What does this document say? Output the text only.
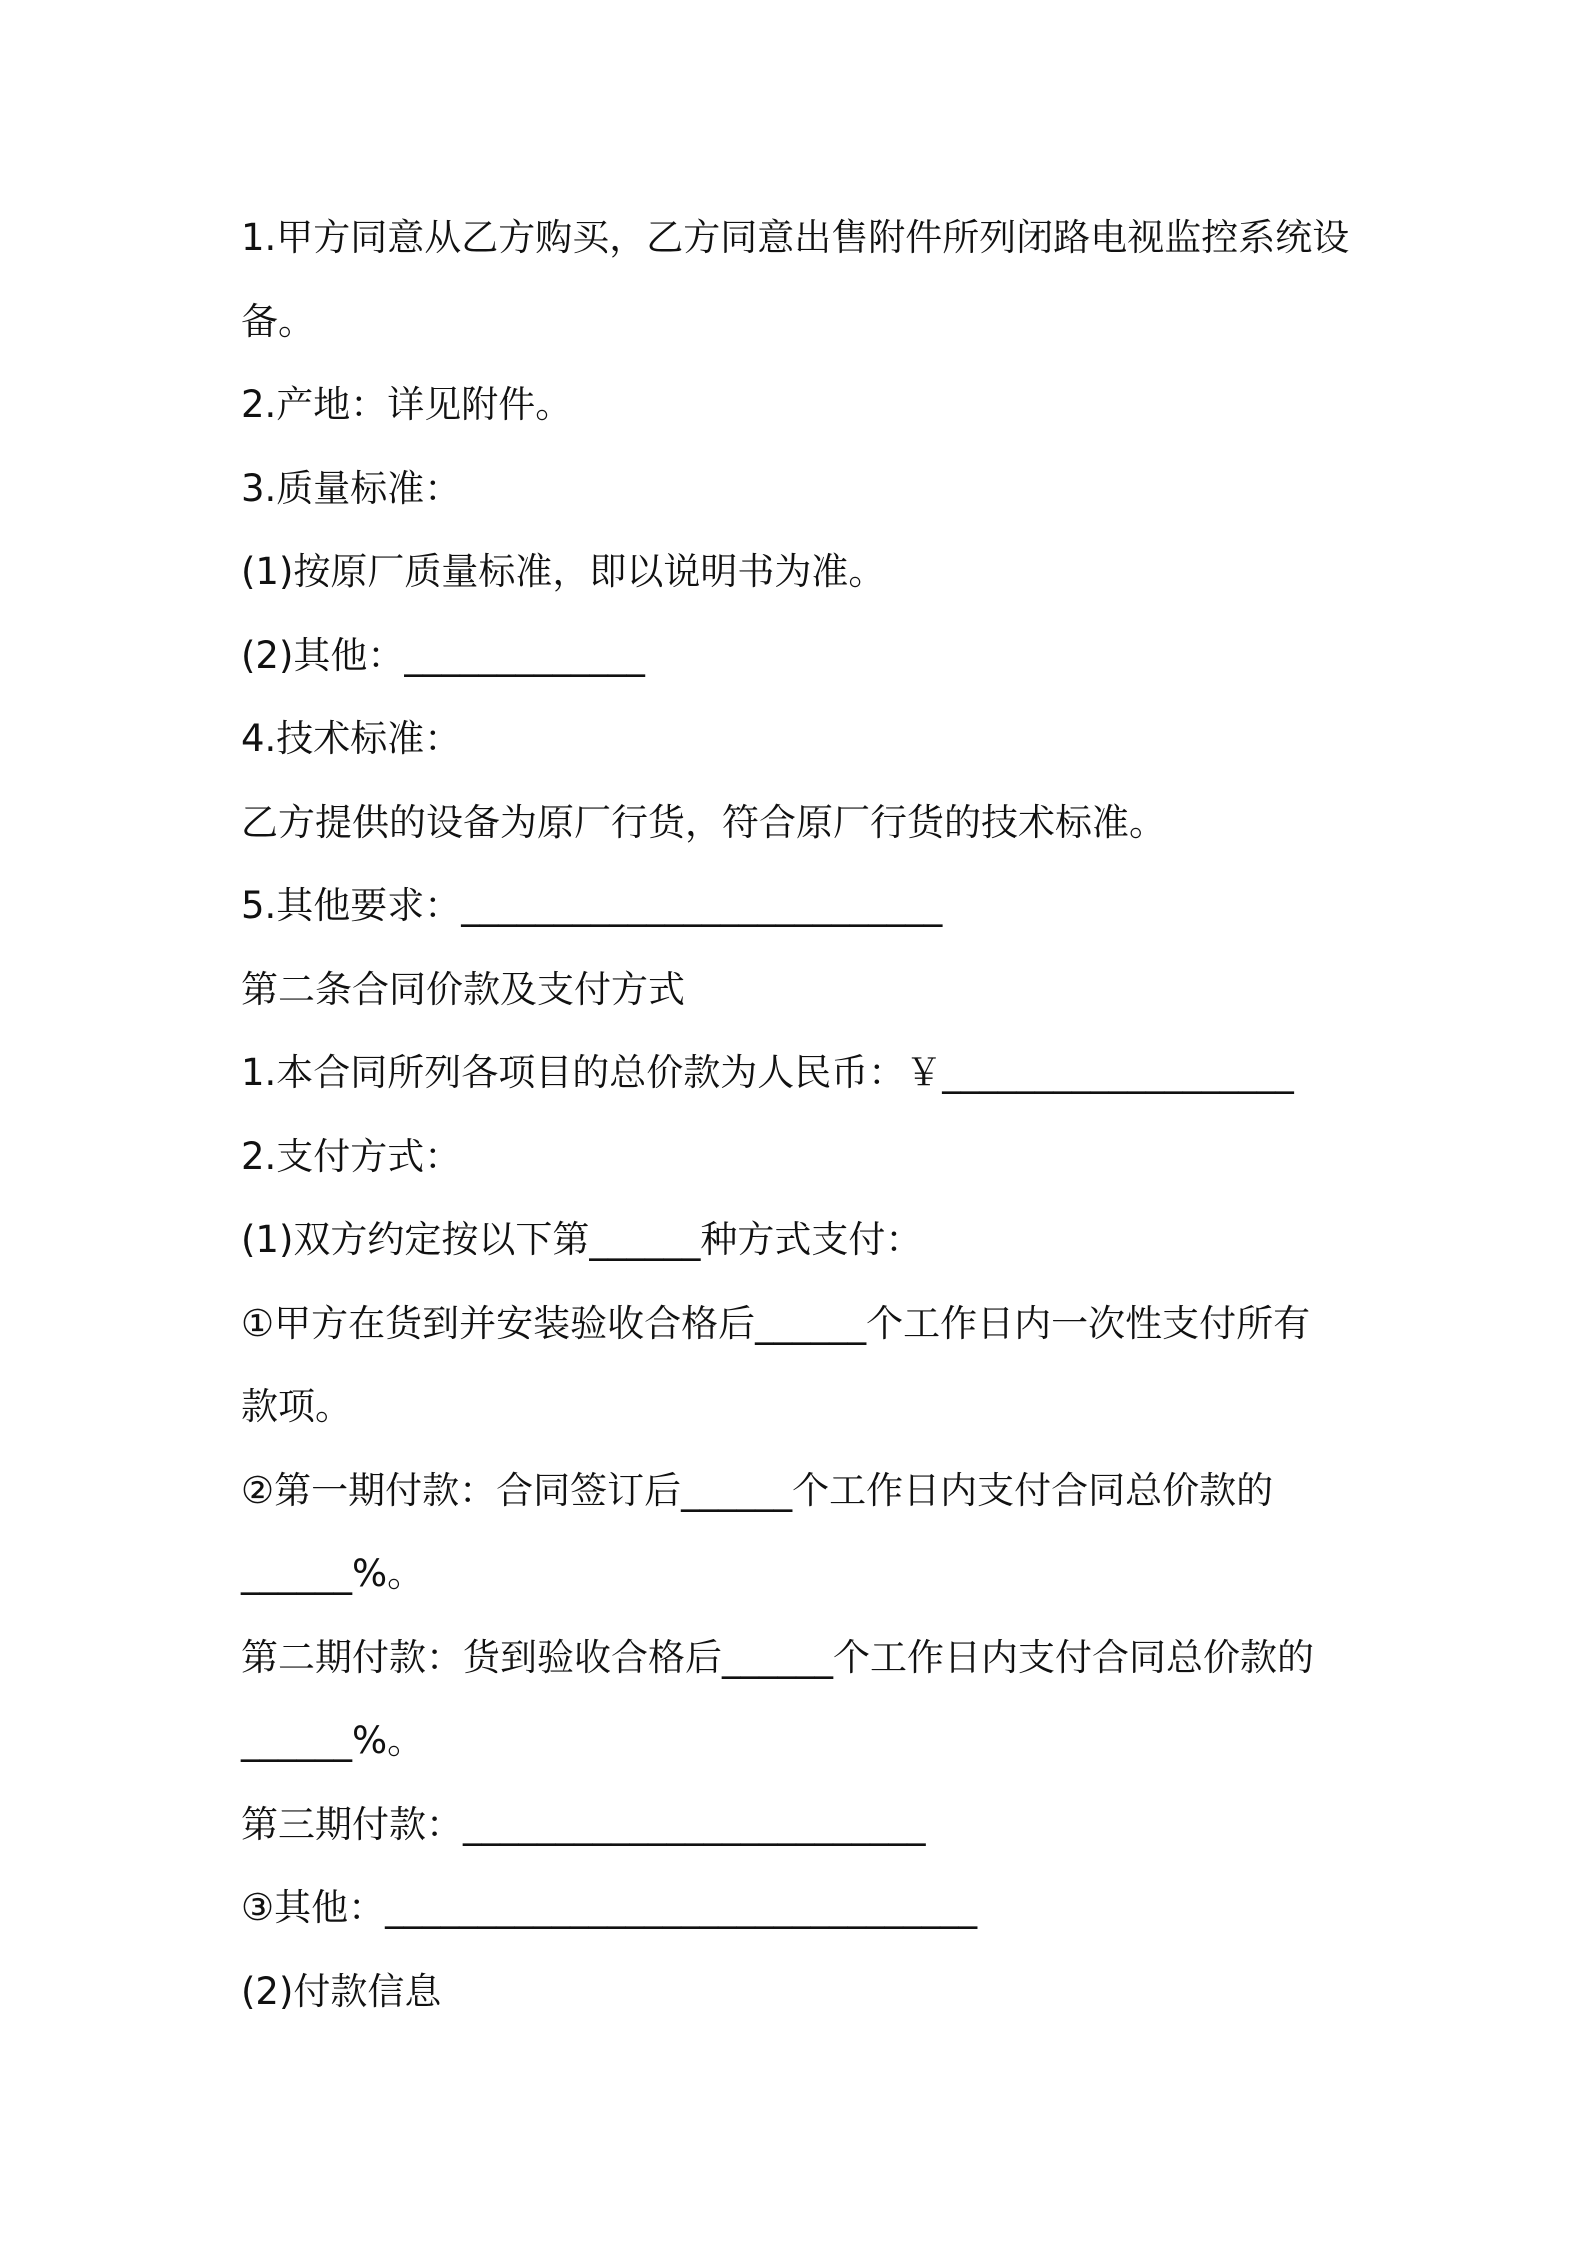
1.甲方同意从乙方购买，乙方同意出售附件所列闭路电视监控系统设
备。
2.产地：详见附件。
3.质量标准：
(1)按原厂质量标准，即以说明书为准。
(2)其他：_____________
4.技术标准：
乙方提供的设备为原厂行货，符合原厂行货的技术标准。
5.其他要求：__________________________
第二条合同价款及支付方式
1.本合同所列各项目的总价款为人民币：￥___________________
2.支付方式：
(1)双方约定按以下第______种方式支付：
①甲方在货到并安装验收合格后______个工作日内一次性支付所有
款项。
②第一期付款：合同签订后______个工作日内支付合同总价款的
______%。
第二期付款：货到验收合格后______个工作日内支付合同总价款的
______%。
第三期付款：_________________________
③其他：________________________________
(2)付款信息
